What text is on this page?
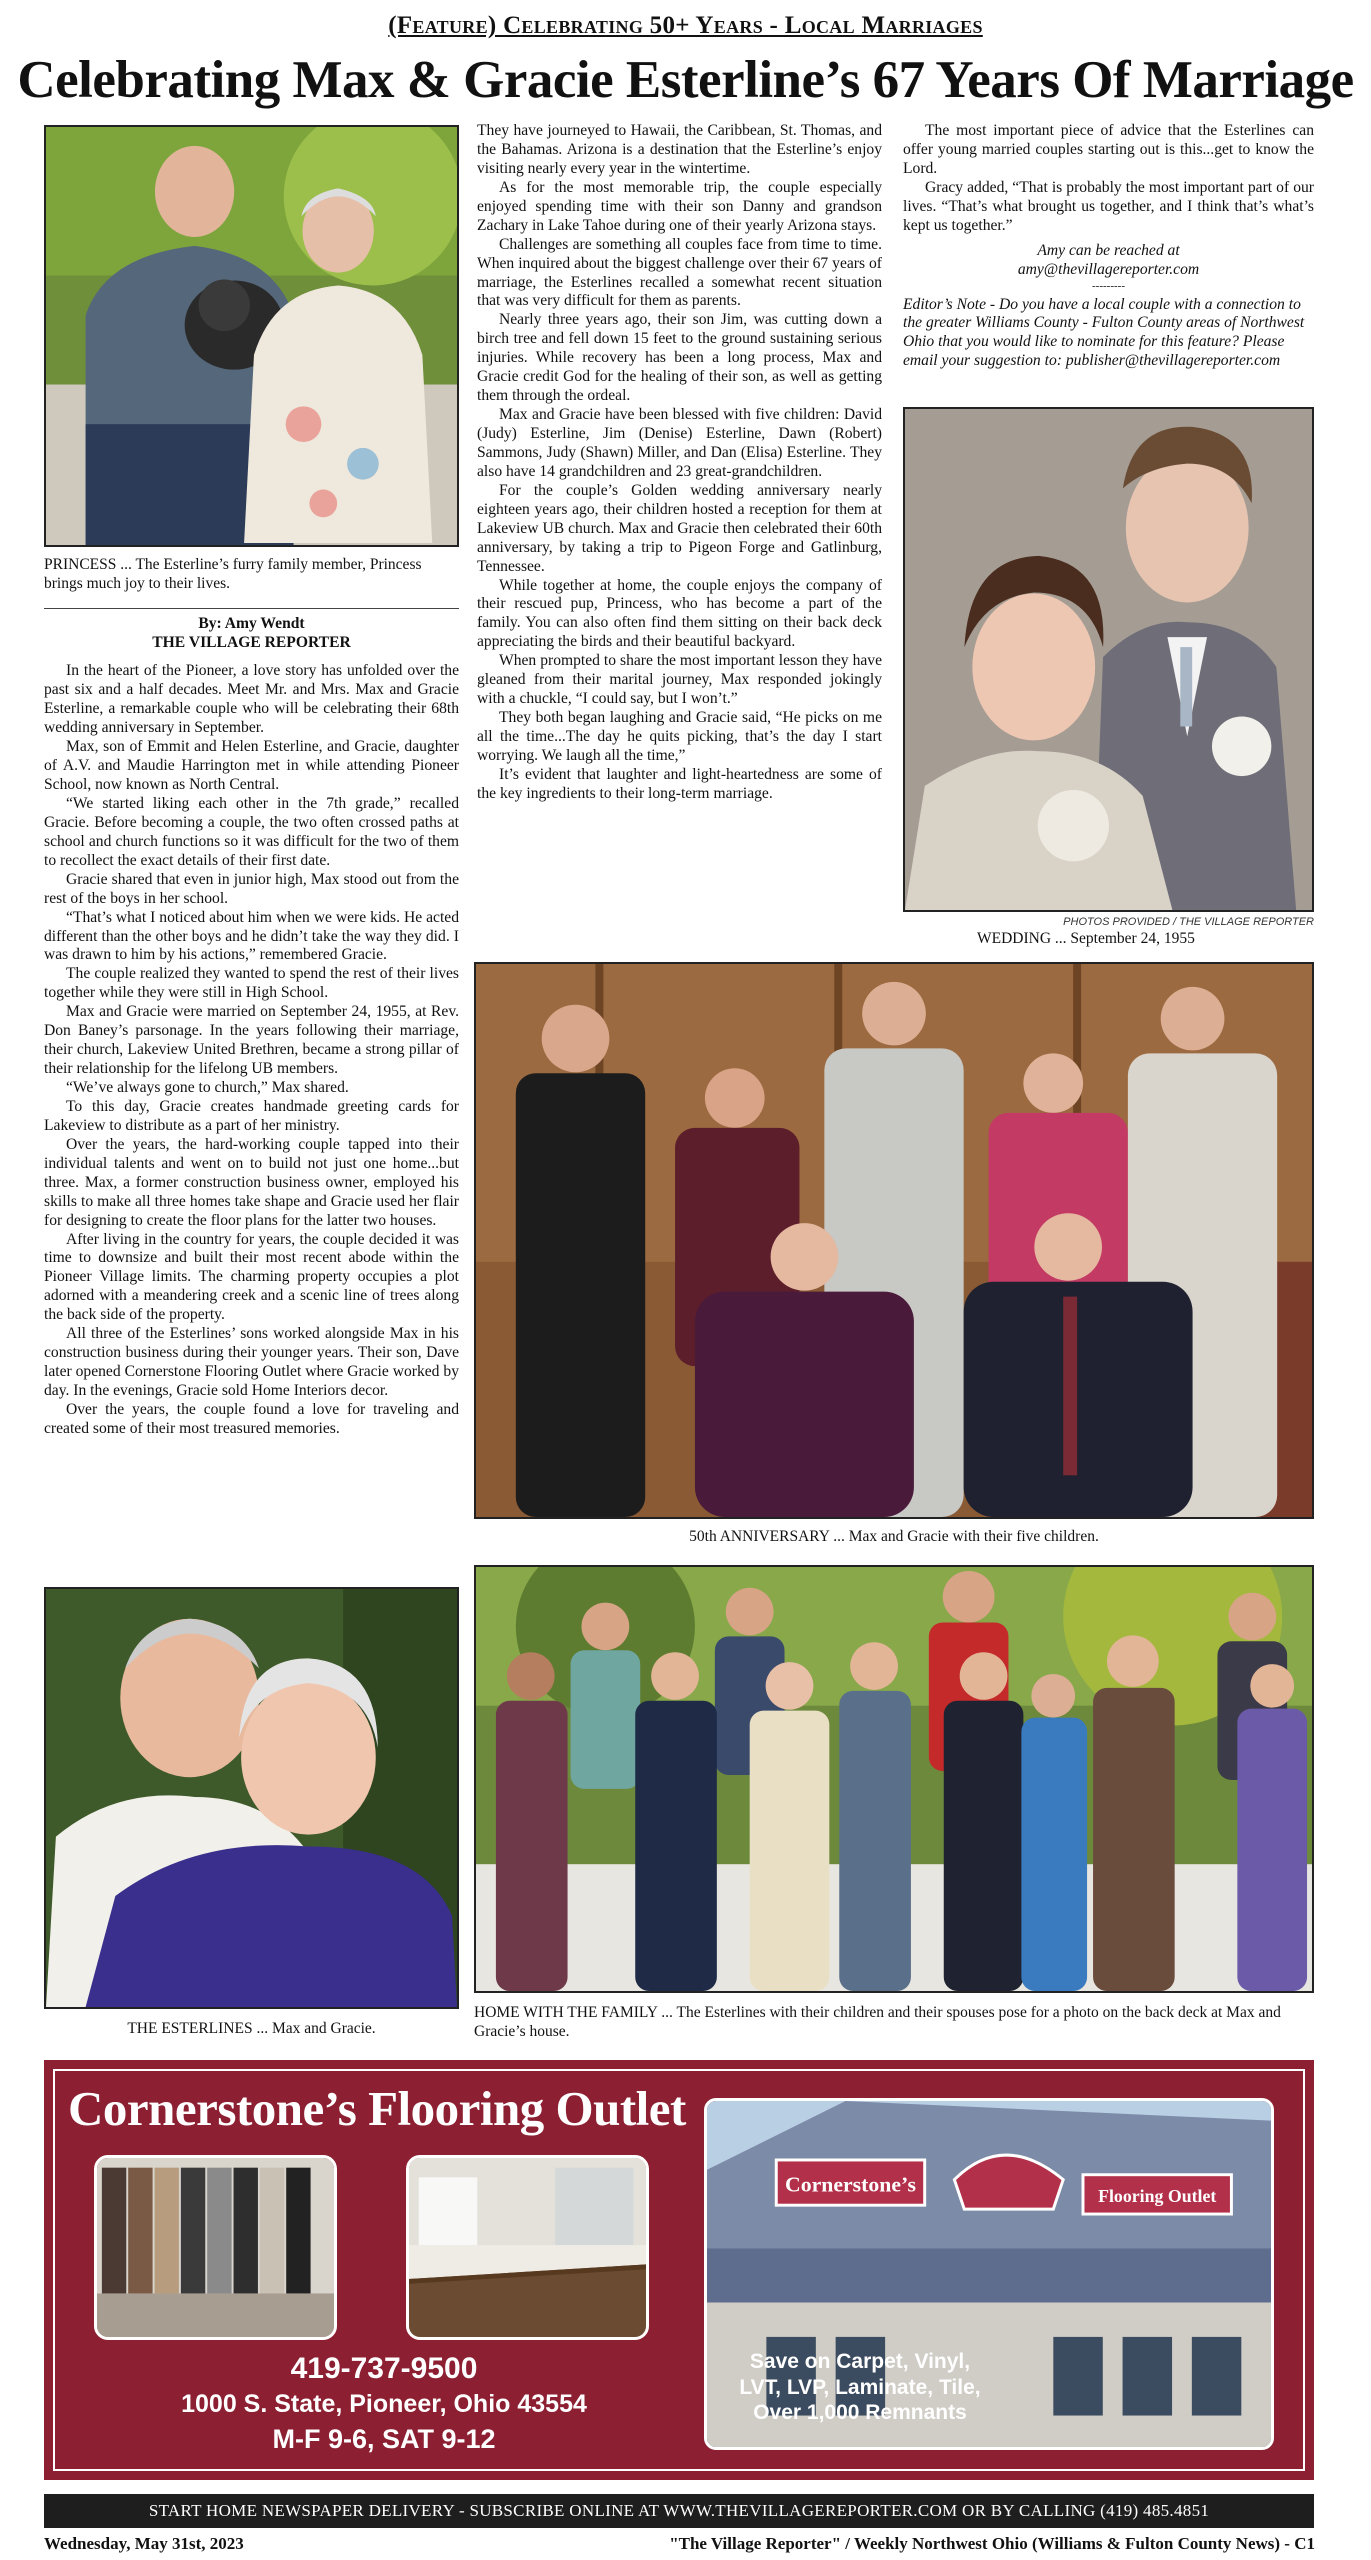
(Feature) Celebrating 50+ Years - Local Marriages
Celebrating Max & Gracie Esterline’s 67 Years Of Marriage
PRINCESS ... The Esterline’s furry family member, Princess brings much joy to their lives.
By: Amy Wendt
THE VILLAGE REPORTER

In the heart of the Pioneer, a love story has unfolded over the past six and a half decades. Meet Mr. and Mrs. Max and Gracie Esterline, a remarkable couple who will be celebrating their 68th wedding anniversary in September.

Max, son of Emmit and Helen Esterline, and Gracie, daughter of A.V. and Maudie Harrington met in while attending Pioneer School, now known as North Central.

“We started liking each other in the 7th grade,” recalled Gracie. Before becoming a couple, the two often crossed paths at school and church functions so it was difficult for the two of them to recollect the exact details of their first date.

Gracie shared that even in junior high, Max stood out from the rest of the boys in her school.

“That’s what I noticed about him when we were kids. He acted different than the other boys and he didn’t take the way they did. I was drawn to him by his actions,” remembered Gracie.

The couple realized they wanted to spend the rest of their lives together while they were still in High School.

Max and Gracie were married on September 24, 1955, at Rev. Don Baney’s parsonage. In the years following their marriage, their church, Lakeview United Brethren, became a strong pillar of their relationship for the lifelong UB members.

“We’ve always gone to church,” Max shared.

To this day, Gracie creates handmade greeting cards for Lakeview to distribute as a part of her ministry.

Over the years, the hard-working couple tapped into their individual talents and went on to build not just one home...but three. Max, a former construction business owner, employed his skills to make all three homes take shape and Gracie used her flair for designing to create the floor plans for the latter two houses.

After living in the country for years, the couple decided it was time to downsize and built their most recent abode within the Pioneer Village limits. The charming property occupies a plot adorned with a meandering creek and a scenic line of trees along the back side of the property.

All three of the Esterlines’ sons worked alongside Max in his construction business during their younger years. Their son, Dave later opened Cornerstone Flooring Outlet where Gracie worked by day. In the evenings, Gracie sold Home Interiors decor.

Over the years, the couple found a love for traveling and created some of their most treasured memories.

THE ESTERLINES ... Max and Gracie.

They have journeyed to Hawaii, the Caribbean, St. Thomas, and the Bahamas. Arizona is a destination that the Esterline’s enjoy visiting nearly every year in the wintertime.

As for the most memorable trip, the couple especially enjoyed spending time with their son Danny and grandson Zachary in Lake Tahoe during one of their yearly Arizona stays.

Challenges are something all couples face from time to time. When inquired about the biggest challenge over their 67 years of marriage, the Esterlines recalled a somewhat recent situation that was very difficult for them as parents.

Nearly three years ago, their son Jim, was cutting down a birch tree and fell down 15 feet to the ground sustaining serious injuries. While recovery has been a long process, Max and Gracie credit God for the healing of their son, as well as getting them through the ordeal.

Max and Gracie have been blessed with five children: David (Judy) Esterline, Jim (Denise) Esterline, Dawn (Robert) Sammons, Judy (Shawn) Miller, and Dan (Elisa) Esterline. They also have 14 grandchildren and 23 great-grandchildren.

For the couple’s Golden wedding anniversary nearly eighteen years ago, their children hosted a reception for them at Lakeview UB church. Max and Gracie then celebrated their 60th anniversary, by taking a trip to Pigeon Forge and Gatlinburg, Tennessee.

While together at home, the couple enjoys the company of their rescued pup, Princess, who has become a part of the family. You can also often find them sitting on their back deck appreciating the birds and their beautiful backyard.

When prompted to share the most important lesson they have gleaned from their marital journey, Max responded jokingly with a chuckle, “I could say, but I won’t.”

They both began laughing and Gracie said, “He picks on me all the time...The day he quits picking, that’s the day I start worrying. We laugh all the time,”

It’s evident that laughter and light-heartedness are some of the key ingredients to their long-term marriage.

The most important piece of advice that the Esterlines can offer young married couples starting out is this...get to know the Lord.

Gracy added, “That is probably the most important part of our lives. “That’s what brought us together, and I think that’s what’s kept us together.”

Amy can be reached at
amy@thevillagereporter.com
---------

Editor’s Note - Do you have a local couple with a connection to the greater Williams County - Fulton County areas of Northwest Ohio that you would like to nominate for this feature? Please email your suggestion to: publisher@thevillagereporter.com

PHOTOS PROVIDED / THE VILLAGE REPORTER
WEDDING ... September 24, 1955
50th ANNIVERSARY ... Max and Gracie with their five children.
HOME WITH THE FAMILY ... The Esterlines with their children and their spouses pose for a photo on the back deck at Max and Gracie’s house.
Cornerstone’s Flooring Outlet
419-737-9500
1000 S. State, Pioneer, Ohio 43554
M-F 9-6, SAT 9-12
Cornerstone’s	Flooring Outlet
Save on Carpet, Vinyl, LVT, LVP, Laminate, Tile, Over 1,000 Remnants
START HOME NEWSPAPER DELIVERY - SUBSCRIBE ONLINE AT WWW.THEVILLAGEREPORTER.COM OR BY CALLING (419) 485.4851
Wednesday, May 31st, 2023	"The Village Reporter" / Weekly Northwest Ohio (Williams & Fulton County News) - C1
